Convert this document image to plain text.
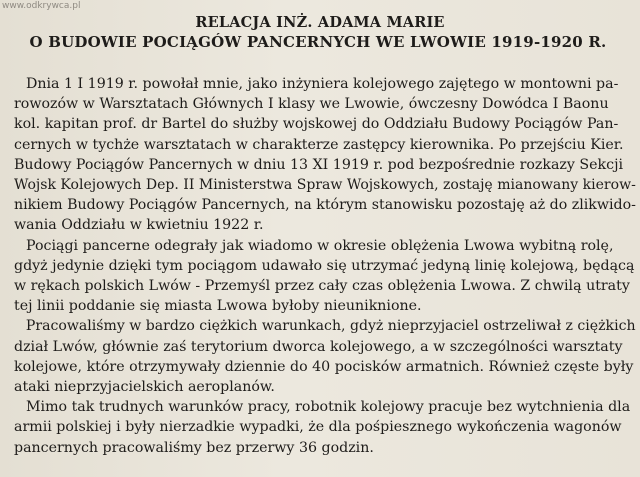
www.odkrywca.pl
RELACJA INŻ. ADAMA MARIE
O BUDOWIE POCIĄGÓW PANCERNYCH WE LWOWIE 1919-1920 R.
Dnia 1 I 1919 r. powołał mnie, jako inżyniera kolejowego zajętego w montowni pa-
rowozów w Warsztatach Głównych I klasy we Lwowie, ówczesny Dowódca I Baonu
kol. kapitan prof. dr Bartel do służby wojskowej do Oddziału Budowy Pociągów Pan-
cernych w tychże warsztatach w charakterze zastępcy kierownika. Po przejściu Kier.
Budowy Pociągów Pancernych w dniu 13 XI 1919 r. pod bezpośrednie rozkazy Sekcji
Wojsk Kolejowych Dep. II Ministerstwa Spraw Wojskowych, zostaję mianowany kierow-
nikiem Budowy Pociągów Pancernych, na którym stanowisku pozostaję aż do zlikwido-
wania Oddziału w kwietniu 1922 r.
Pociągi pancerne odegrały jak wiadomo w okresie oblężenia Lwowa wybitną rolę,
gdyż jedynie dzięki tym pociągom udawało się utrzymać jedyną linię kolejową, będącą
w rękach polskich Lwów - Przemyśl przez cały czas oblężenia Lwowa. Z chwilą utraty
tej linii poddanie się miasta Lwowa byłoby nieuniknione.
Pracowaliśmy w bardzo ciężkich warunkach, gdyż nieprzyjaciel ostrzeliwał z ciężkich
dział Lwów, głównie zaś terytorium dworca kolejowego, a w szczególności warsztaty
kolejowe, które otrzymywały dziennie do 40 pocisków armatnich. Również częste były
ataki nieprzyjacielskich aeroplanów.
Mimo tak trudnych warunków pracy, robotnik kolejowy pracuje bez wytchnienia dla
armii polskiej i były nierzadkie wypadki, że dla pośpiesznego wykończenia wagonów
pancernych pracowaliśmy bez przerwy 36 godzin.
